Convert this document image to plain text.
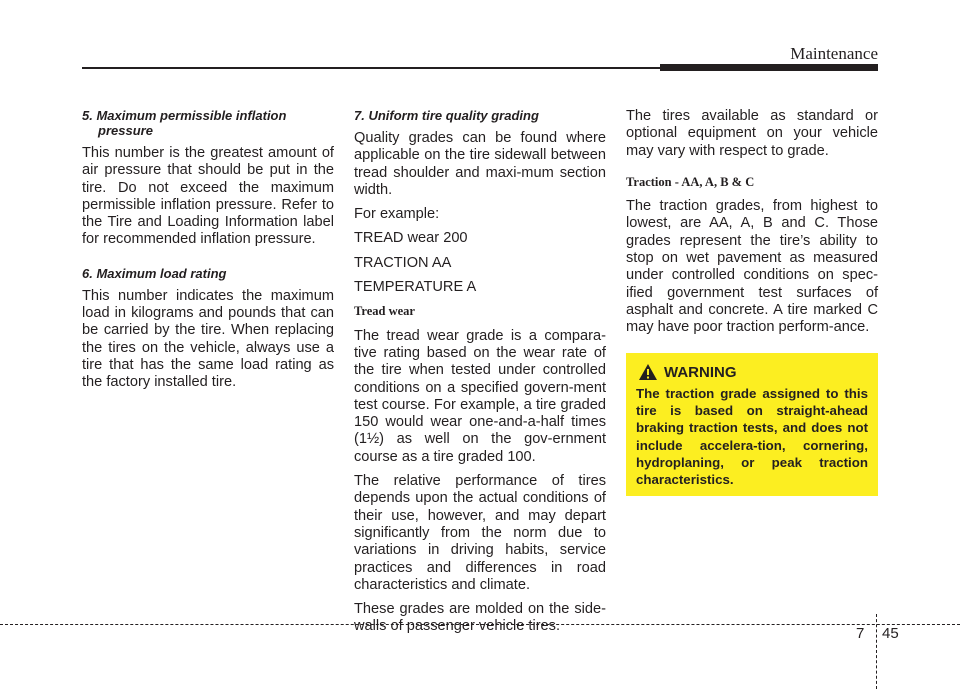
Maintenance

5. Maximum permissible inflation pressure

This number is the greatest amount of air pressure that should be put in the tire. Do not exceed the maximum permissible inflation pressure. Refer to the Tire and Loading Information label for recommended inflation pressure.

6. Maximum load rating

This number indicates the maximum load in kilograms and pounds that can be carried by the tire. When replacing the tires on the vehicle, always use a tire that has the same load rating as the factory installed tire.

7. Uniform tire quality grading

Quality grades can be found where applicable on the tire sidewall between tread shoulder and maxi-mum section width.

For example:

TREAD wear 200

TRACTION AA

TEMPERATURE A

Tread wear

The tread wear grade is a compara-tive rating based on the wear rate of the tire when tested under controlled conditions on a specified govern-ment test course. For example, a tire graded 150 would wear one-and-a-half times (1½) as well on the gov-ernment course as a tire graded 100.

The relative performance of tires depends upon the actual conditions of their use, however, and may depart significantly from the norm due to variations in driving habits, service practices and differences in road characteristics and climate.

These grades are molded on the side-walls of passenger vehicle tires.

The tires available as standard or optional equipment on your vehicle may vary with respect to grade.

Traction - AA, A, B & C

The traction grades, from highest to lowest, are AA, A, B and C. Those grades represent the tire’s ability to stop on wet pavement as measured under controlled conditions on spec-ified government test surfaces of asphalt and concrete. A tire marked C may have poor traction perform-ance.

WARNING

The traction grade assigned to this tire is based on straight-ahead braking traction tests, and does not include accelera-tion, cornering, hydroplaning, or peak traction characteristics.

7 45
